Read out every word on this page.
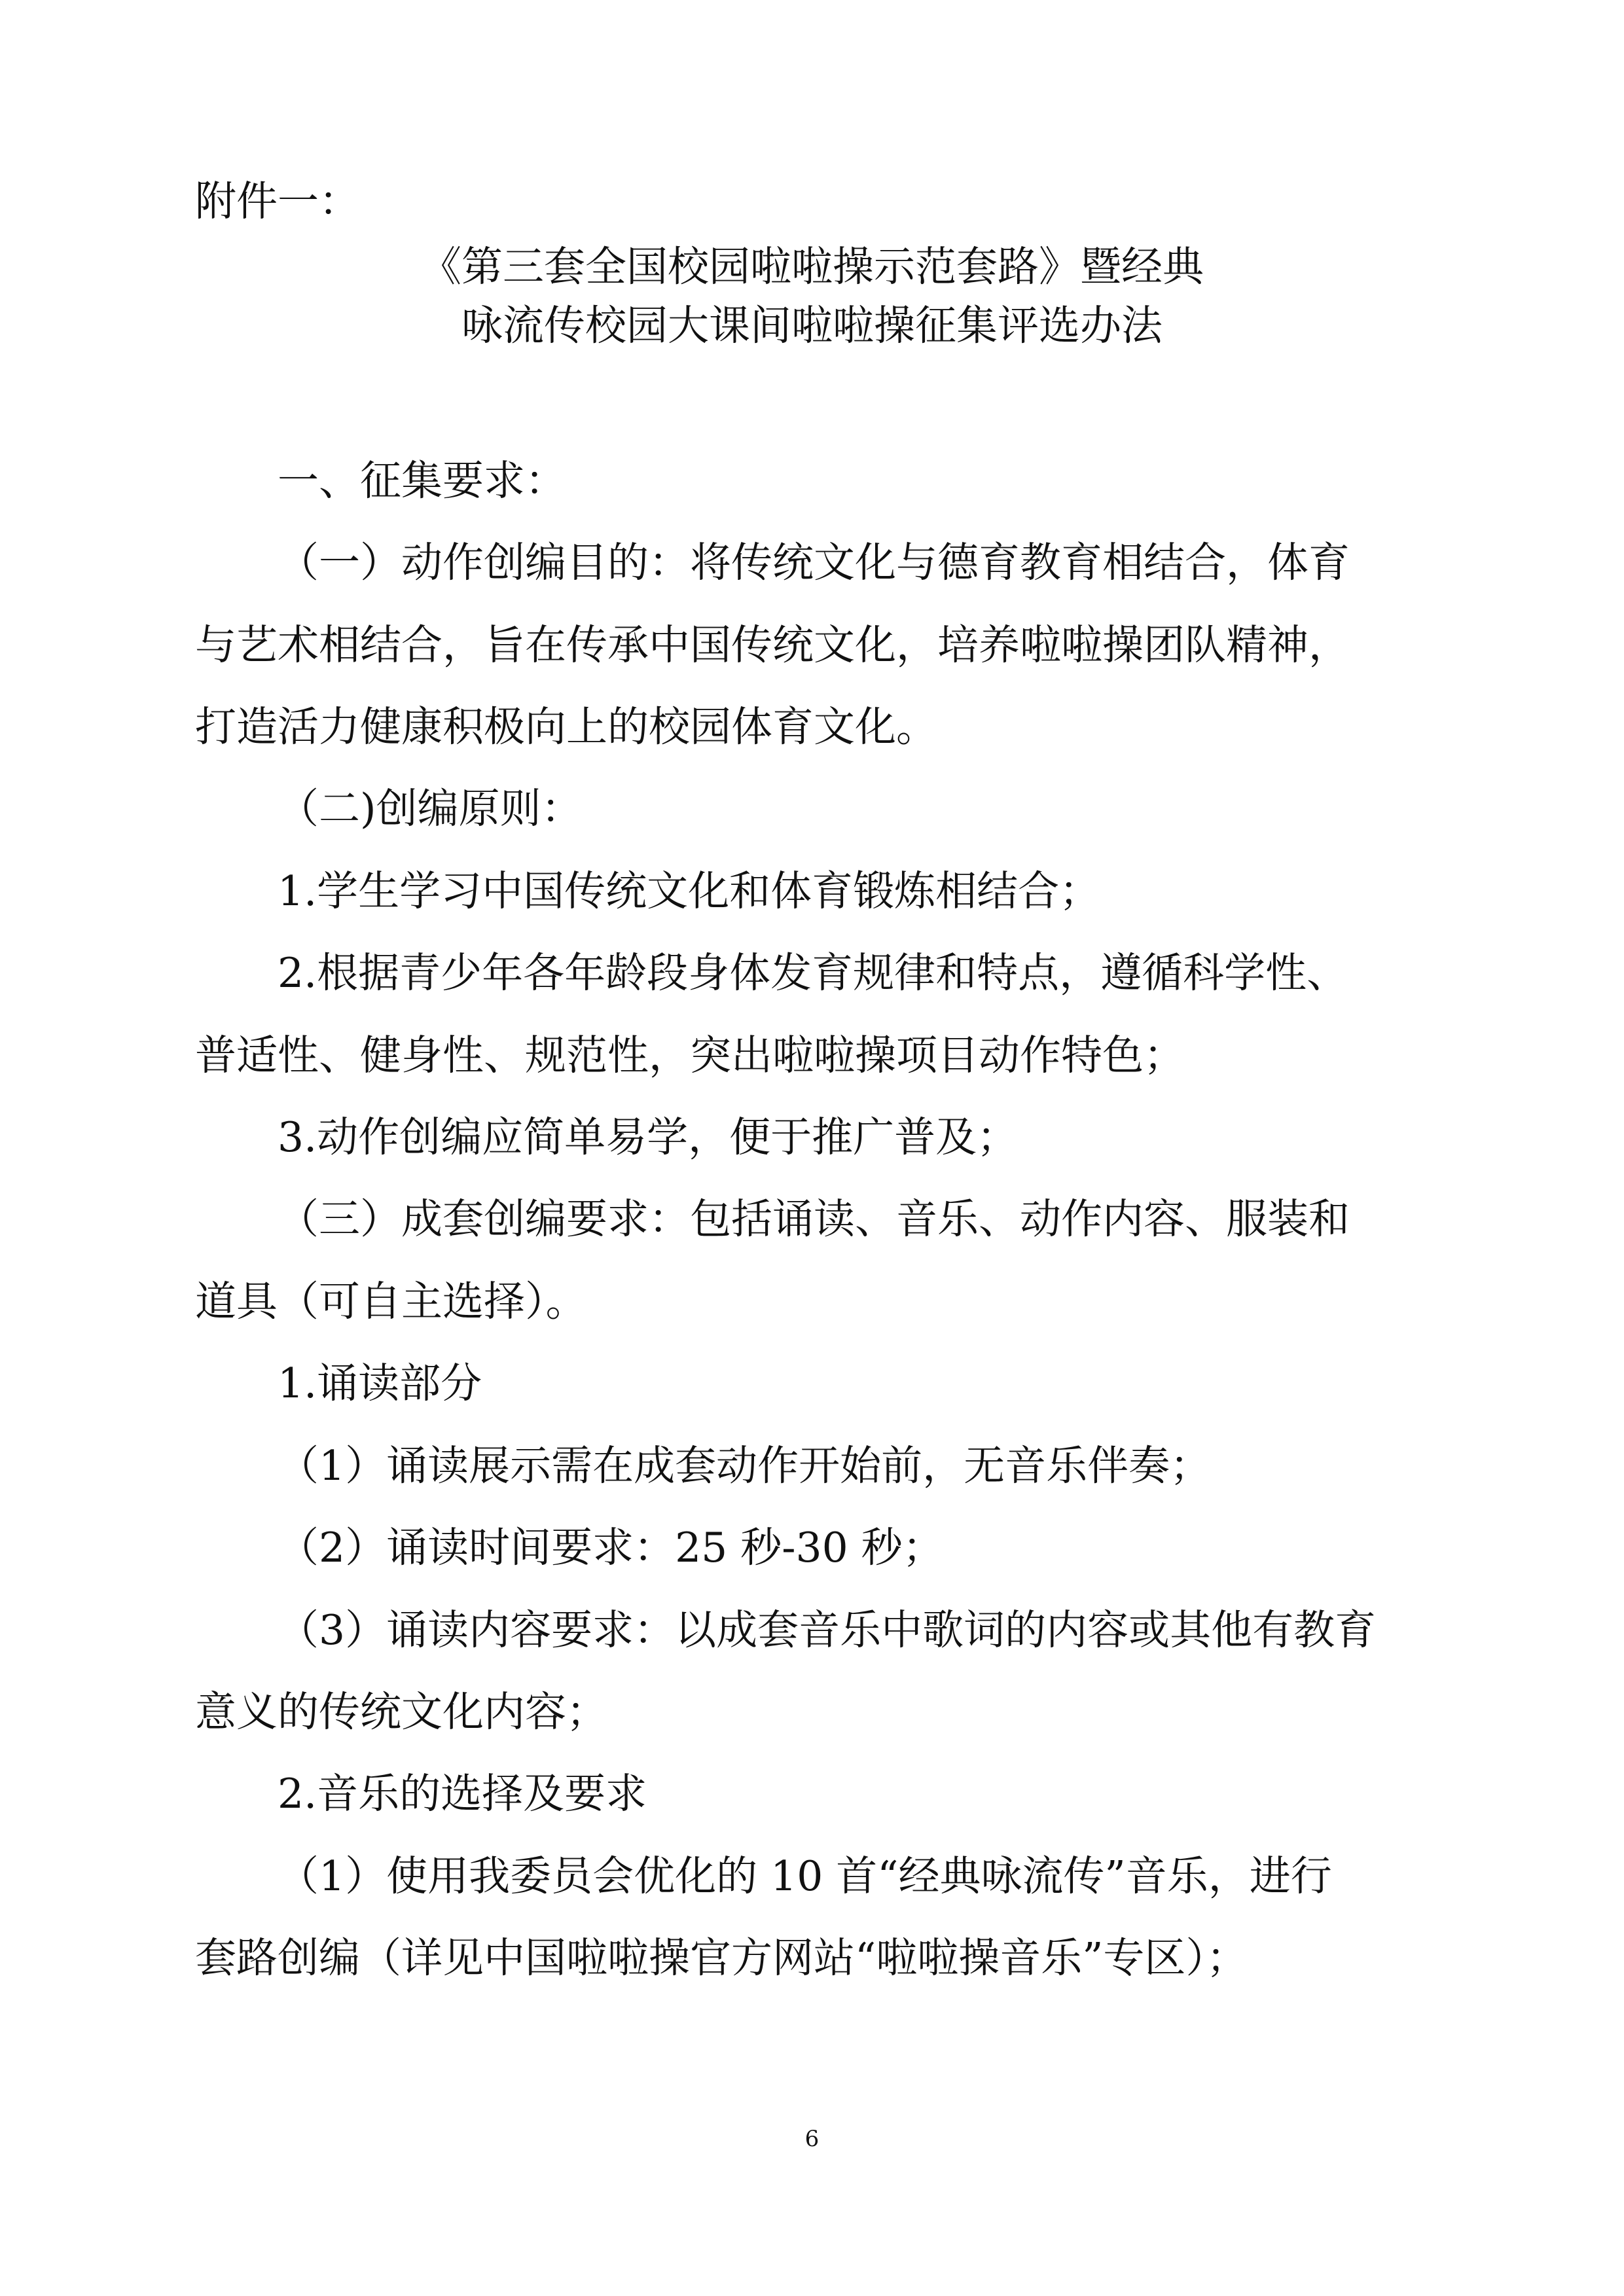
附件一：
《第三套全国校园啦啦操示范套路》暨经典
咏流传校园大课间啦啦操征集评选办法
一、征集要求：
（一）动作创编目的：将传统文化与德育教育相结合，体育
与艺术相结合，旨在传承中国传统文化，培养啦啦操团队精神，
打造活力健康积极向上的校园体育文化。
（二)创编原则：
1.学生学习中国传统文化和体育锻炼相结合；
2.根据青少年各年龄段身体发育规律和特点，遵循科学性、
普适性、健身性、规范性，突出啦啦操项目动作特色；
3.动作创编应简单易学，便于推广普及；
（三）成套创编要求：包括诵读、音乐、动作内容、服装和
道具（可自主选择）。
1.诵读部分
（1）诵读展示需在成套动作开始前，无音乐伴奏；
（2）诵读时间要求：25 秒-30 秒；
（3）诵读内容要求：以成套音乐中歌词的内容或其他有教育
意义的传统文化内容；
2.音乐的选择及要求
（1）使用我委员会优化的 10 首“经典咏流传”音乐，进行
套路创编（详见中国啦啦操官方网站“啦啦操音乐”专区）；
6
